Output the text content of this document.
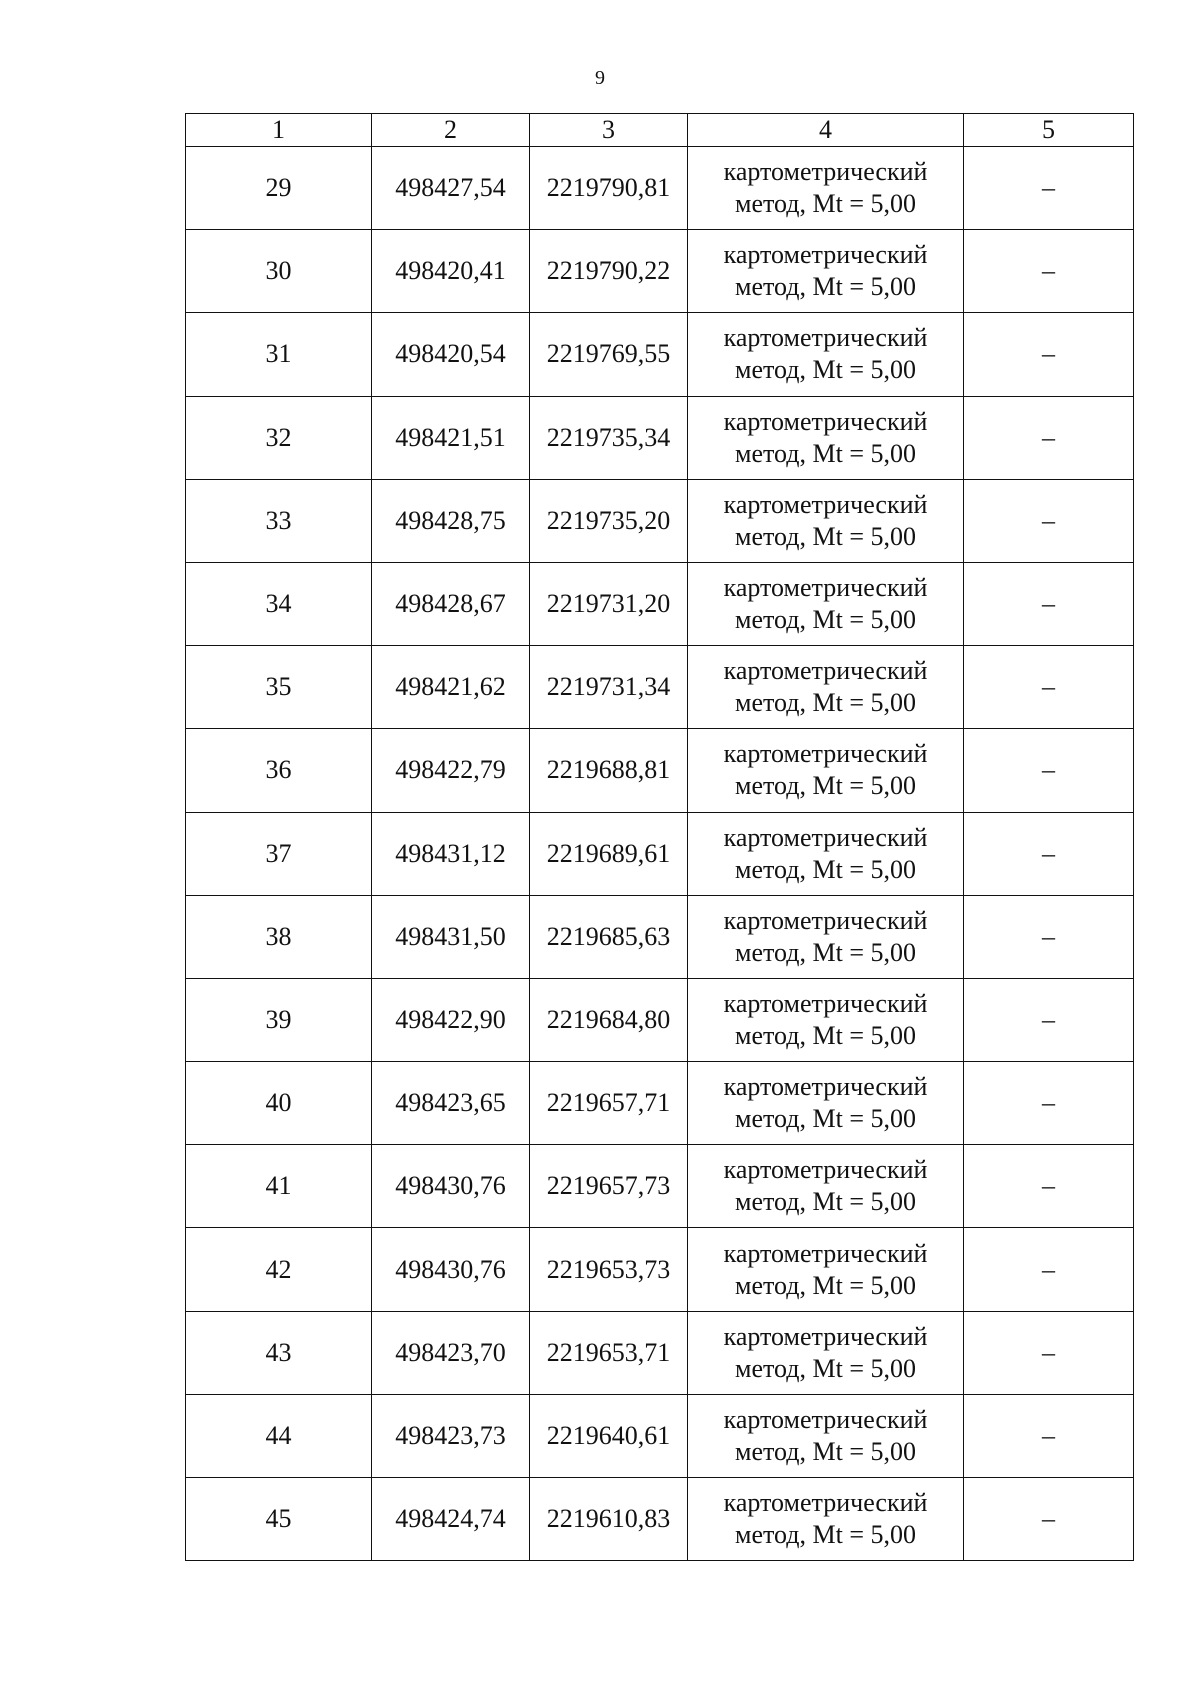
9
1	2	3	4	5
29	498427,54	2219790,81	картометрический
метод, Mt = 5,00	–
30	498420,41	2219790,22	картометрический
метод, Mt = 5,00	–
31	498420,54	2219769,55	картометрический
метод, Mt = 5,00	–
32	498421,51	2219735,34	картометрический
метод, Mt = 5,00	–
33	498428,75	2219735,20	картометрический
метод, Mt = 5,00	–
34	498428,67	2219731,20	картометрический
метод, Mt = 5,00	–
35	498421,62	2219731,34	картометрический
метод, Mt = 5,00	–
36	498422,79	2219688,81	картометрический
метод, Mt = 5,00	–
37	498431,12	2219689,61	картометрический
метод, Mt = 5,00	–
38	498431,50	2219685,63	картометрический
метод, Mt = 5,00	–
39	498422,90	2219684,80	картометрический
метод, Mt = 5,00	–
40	498423,65	2219657,71	картометрический
метод, Mt = 5,00	–
41	498430,76	2219657,73	картометрический
метод, Mt = 5,00	–
42	498430,76	2219653,73	картометрический
метод, Mt = 5,00	–
43	498423,70	2219653,71	картометрический
метод, Mt = 5,00	–
44	498423,73	2219640,61	картометрический
метод, Mt = 5,00	–
45	498424,74	2219610,83	картометрический
метод, Mt = 5,00	–
